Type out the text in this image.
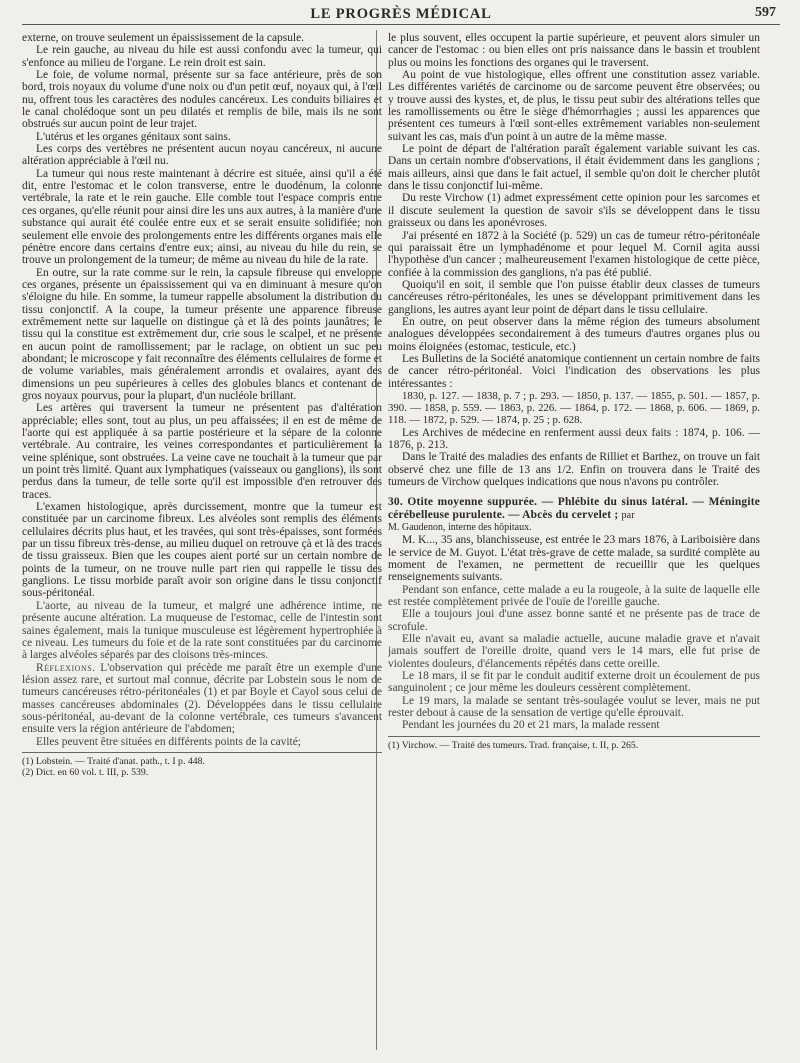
LE PROGRÈS MÉDICAL	597

externe, on trouve seulement un épaississement de la capsule.

Le rein gauche, au niveau du hile est aussi confondu avec la tumeur, qui s'enfonce au milieu de l'organe. Le rein droit est sain.

Le foie, de volume normal, présente sur sa face antérieure, près de son bord, trois noyaux du volume d'une noix ou d'un petit œuf, noyaux qui, à l'œil nu, offrent tous les caractères des nodules cancéreux. Les conduits biliaires et le canal cholédoque sont un peu dilatés et remplis de bile, mais ils ne sont obstrués sur aucun point de leur trajet.

L'utérus et les organes génitaux sont sains.

Les corps des vertèbres ne présentent aucun noyau cancéreux, ni aucune altération appréciable à l'œil nu.

La tumeur qui nous reste maintenant à décrire est située, ainsi qu'il a été dit, entre l'estomac et le colon transverse, entre le duodénum, la colonne vertébrale, la rate et le rein gauche. Elle comble tout l'espace compris entre ces organes, qu'elle réunit pour ainsi dire les uns aux autres, à la manière d'une substance qui aurait été coulée entre eux et se serait ensuite solidifiée; non seulement elle envoie des prolongements entre les différents organes mais elle pénètre encore dans certains d'entre eux; ainsi, au niveau du hile du rein, se trouve un prolongement de la tumeur; de même au niveau du hile de la rate.

En outre, sur la rate comme sur le rein, la capsule fibreuse qui enveloppe ces organes, présente un épaississement qui va en diminuant à mesure qu'on s'éloigne du hile. En somme, la tumeur rappelle absolument la distribution du tissu conjonctif. A la coupe, la tumeur présente une apparence fibreuse extrêmement nette sur laquelle on distingue çà et là des points jaunâtres; le tissu qui la constitue est extrêmement dur, crie sous le scalpel, et ne présente en aucun point de ramollissement; par le raclage, on obtient un suc peu abondant; le microscope y fait reconnaître des éléments cellulaires de forme et de volume variables, mais généralement arrondis et ovalaires, ayant des dimensions un peu supérieures à celles des globules blancs et contenant de gros noyaux pourvus, pour la plupart, d'un nucléole brillant.

Les artères qui traversent la tumeur ne présentent pas d'altération appréciable; elles sont, tout au plus, un peu affaissées; il en est de même de l'aorte qui est appliquée à sa partie postérieure et la sépare de la colonne vertébrale. Au contraire, les veines correspondantes et particulièrement la veine splénique, sont obstruées. La veine cave ne touchait à la tumeur que par un point très limité. Quant aux lymphatiques (vaisseaux ou ganglions), ils sont perdus dans la tumeur, de telle sorte qu'il est impossible d'en retrouver des traces.

L'examen histologique, après durcissement, montre que la tumeur est constituée par un carcinome fibreux. Les alvéoles sont remplis des éléments cellulaires décrits plus haut, et les travées, qui sont très-épaisses, sont formées par un tissu fibreux très-dense, au milieu duquel on retrouve çà et là des traces de tissu graisseux. Bien que les coupes aient porté sur un certain nombre de points de la tumeur, on ne trouve nulle part rien qui rappelle le tissu des ganglions. Le tissu morbide paraît avoir son origine dans le tissu conjonctif sous-péritonéal.

L'aorte, au niveau de la tumeur, et malgré une adhérence intime, ne présente aucune altération. La muqueuse de l'estomac, celle de l'intestin sont saines également, mais la tunique musculeuse est légèrement hypertrophiée à ce niveau. Les tumeurs du foie et de la rate sont constituées par du carcinome à larges alvéoles séparés par des cloisons très-minces.

Réflexions. L'observation qui précède me paraît être un exemple d'une lésion assez rare, et surtout mal connue, décrite par Lobstein sous le nom de tumeurs cancéreuses rétro-péritonéales (1) et par Boyle et Cayol sous celui de masses cancéreuses abdominales (2). Développées dans le tissu cellulaire sous-péritonéal, au-devant de la colonne vertébrale, ces tumeurs s'avancent ensuite vers la région antérieure de l'abdomen;

Elles peuvent être situées en différents points de la cavité;

(1) Lobstein. — Traité d'anat. path., t. I p. 448.

(2) Dict. en 60 vol. t. III, p. 539.

le plus souvent, elles occupent la partie supérieure, et peuvent alors simuler un cancer de l'estomac : ou bien elles ont pris naissance dans le bassin et troublent plus ou moins les fonctions des organes qui le traversent.

Au point de vue histologique, elles offrent une constitution assez variable. Les différentes variétés de carcinome ou de sarcome peuvent être observées; ou y trouve aussi des kystes, et, de plus, le tissu peut subir des altérations telles que les ramollissements ou être le siège d'hémorrhagies ; aussi les apparences que présentent ces tumeurs à l'œil sont-elles extrêmement variables non-seulement suivant les cas, mais d'un point à un autre de la même masse.

Le point de départ de l'altération paraît également variable suivant les cas. Dans un certain nombre d'observations, il était évidemment dans les ganglions ; mais ailleurs, ainsi que dans le fait actuel, il semble qu'on doit le chercher plutôt dans le tissu conjonctif lui-même.

Du reste Virchow (1) admet expressément cette opinion pour les sarcomes et il discute seulement la question de savoir s'ils se développent dans le tissu graisseux ou dans les aponévroses.

J'ai présenté en 1872 à la Société (p. 529) un cas de tumeur rétro-péritonéale qui paraissait être un lymphadénome et pour lequel M. Cornil agita aussi l'hypothèse d'un cancer ; malheureusement l'examen histologique de cette pièce, confiée à la commission des ganglions, n'a pas été publié.

Quoiqu'il en soit, il semble que l'on puisse établir deux classes de tumeurs cancéreuses rétro-péritonéales, les unes se développant primitivement dans les ganglions, les autres ayant leur point de départ dans le tissu cellulaire.

En outre, on peut observer dans la même région des tumeurs absolument analogues développées secondairement à des tumeurs d'autres organes plus ou moins éloignées (estomac, testicule, etc.)

Les Bulletins de la Société anatomique contiennent un certain nombre de faits de cancer rétro-péritonéal. Voici l'indication des observations les plus intéressantes :

1830, p. 127. — 1838, p. 7 ; p. 293. — 1850, p. 137. — 1855, p. 501. — 1857, p. 390. — 1858, p. 559. — 1863, p. 226. — 1864, p. 172. — 1868, p. 606. — 1869, p. 118. — 1872, p. 529. — 1874, p. 25 ; p. 628.

Les Archives de médecine en renferment aussi deux faits : 1874, p. 106. — 1876, p. 213.

Dans le Traité des maladies des enfants de Rilliet et Barthez, on trouve un fait observé chez une fille de 13 ans 1/2. Enfin on trouvera dans le Traité des tumeurs de Virchow quelques indications que nous n'avons pu contrôler.

30. Otite moyenne suppurée. — Phlébite du sinus latéral. — Méningite cérébelleuse purulente. — Abcès du cervelet ; par

M. Gaudenon, interne des hôpitaux.

M. K..., 35 ans, blanchisseuse, est entrée le 23 mars 1876, à Lariboisière dans le service de M. Guyot. L'état très-grave de cette malade, sa surdité complète au moment de l'examen, ne permettent de recueillir que les quelques renseignements suivants.

Pendant son enfance, cette malade a eu la rougeole, à la suite de laquelle elle est restée complètement privée de l'ouïe de l'oreille gauche.

Elle a toujours joui d'une assez bonne santé et ne présente pas de trace de scrofule.

Elle n'avait eu, avant sa maladie actuelle, aucune maladie grave et n'avait jamais souffert de l'oreille droite, quand vers le 14 mars, elle fut prise de violentes douleurs, d'élancements répétés dans cette oreille.

Le 18 mars, il se fit par le conduit auditif externe droit un écoulement de pus sanguinolent ; ce jour même les douleurs cessèrent complètement.

Le 19 mars, la malade se sentant très-soulagée voulut se lever, mais ne put rester debout à cause de la sensation de vertige qu'elle éprouvait.

Pendant les journées du 20 et 21 mars, la malade ressent

(1) Virchow. — Traité des tumeurs. Trad. française, t. II, p. 265.
